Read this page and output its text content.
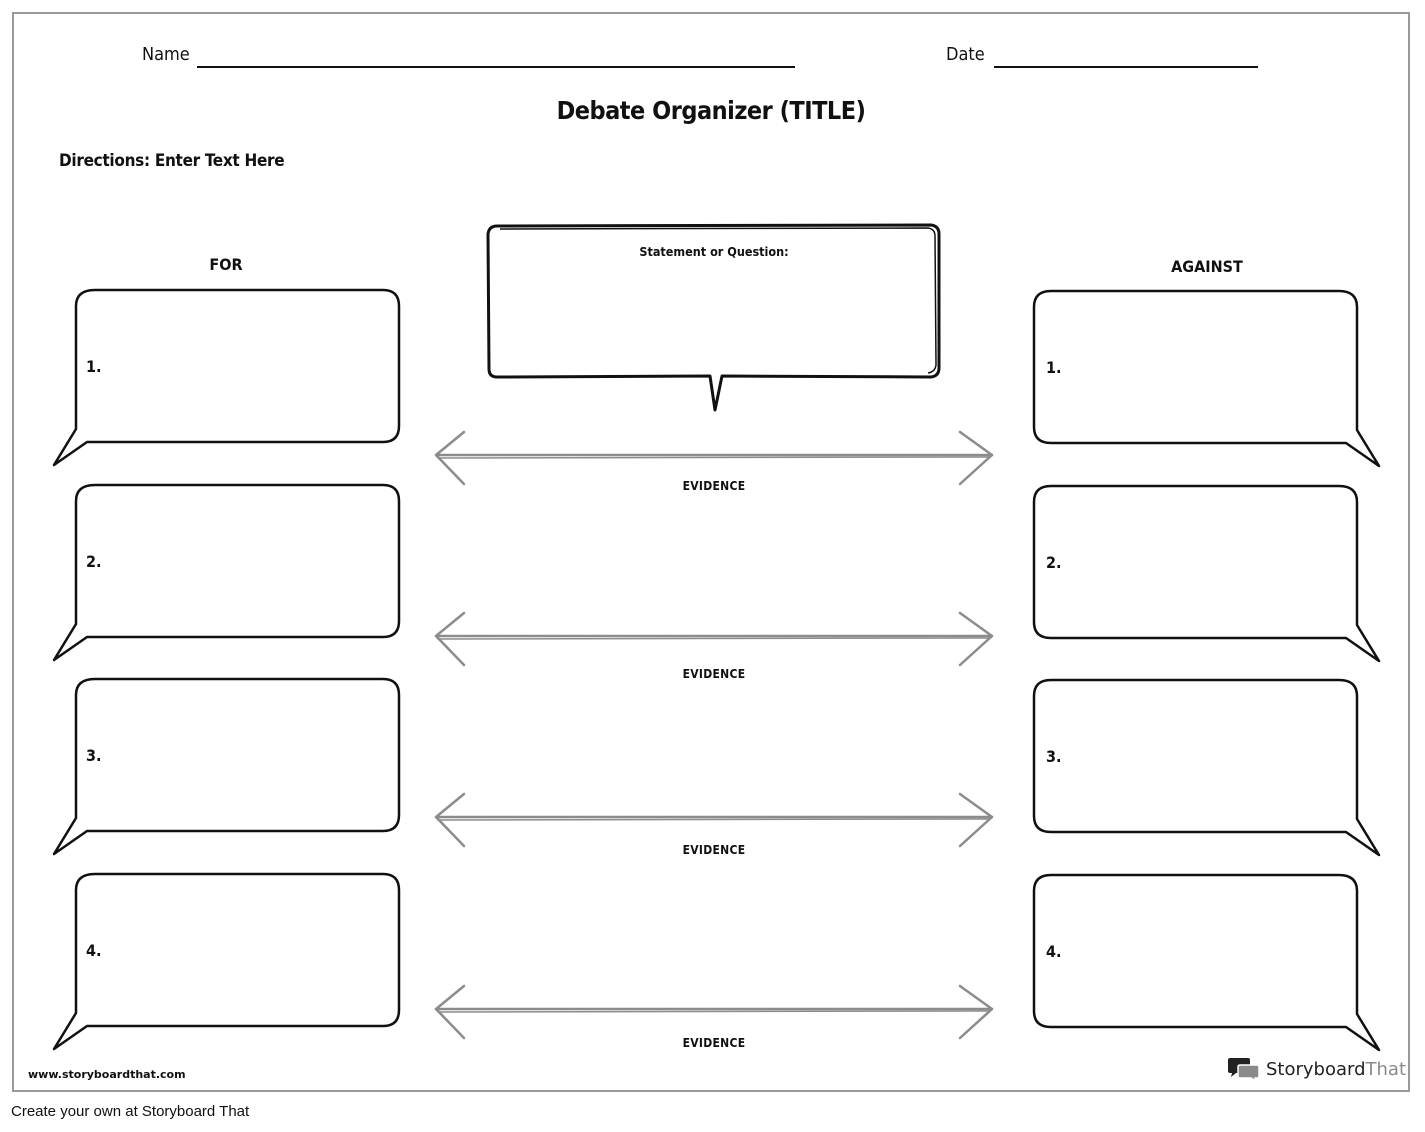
Name	Date
Debate Organizer (TITLE)
Directions: Enter Text Here
FOR	AGAINST
Statement or Question:
1.
2.
3.
4.
1.
2.
3.
4.
EVIDENCE
EVIDENCE
EVIDENCE
EVIDENCE
www.storyboardthat.com	StoryboardThat
Create your own at Storyboard That
